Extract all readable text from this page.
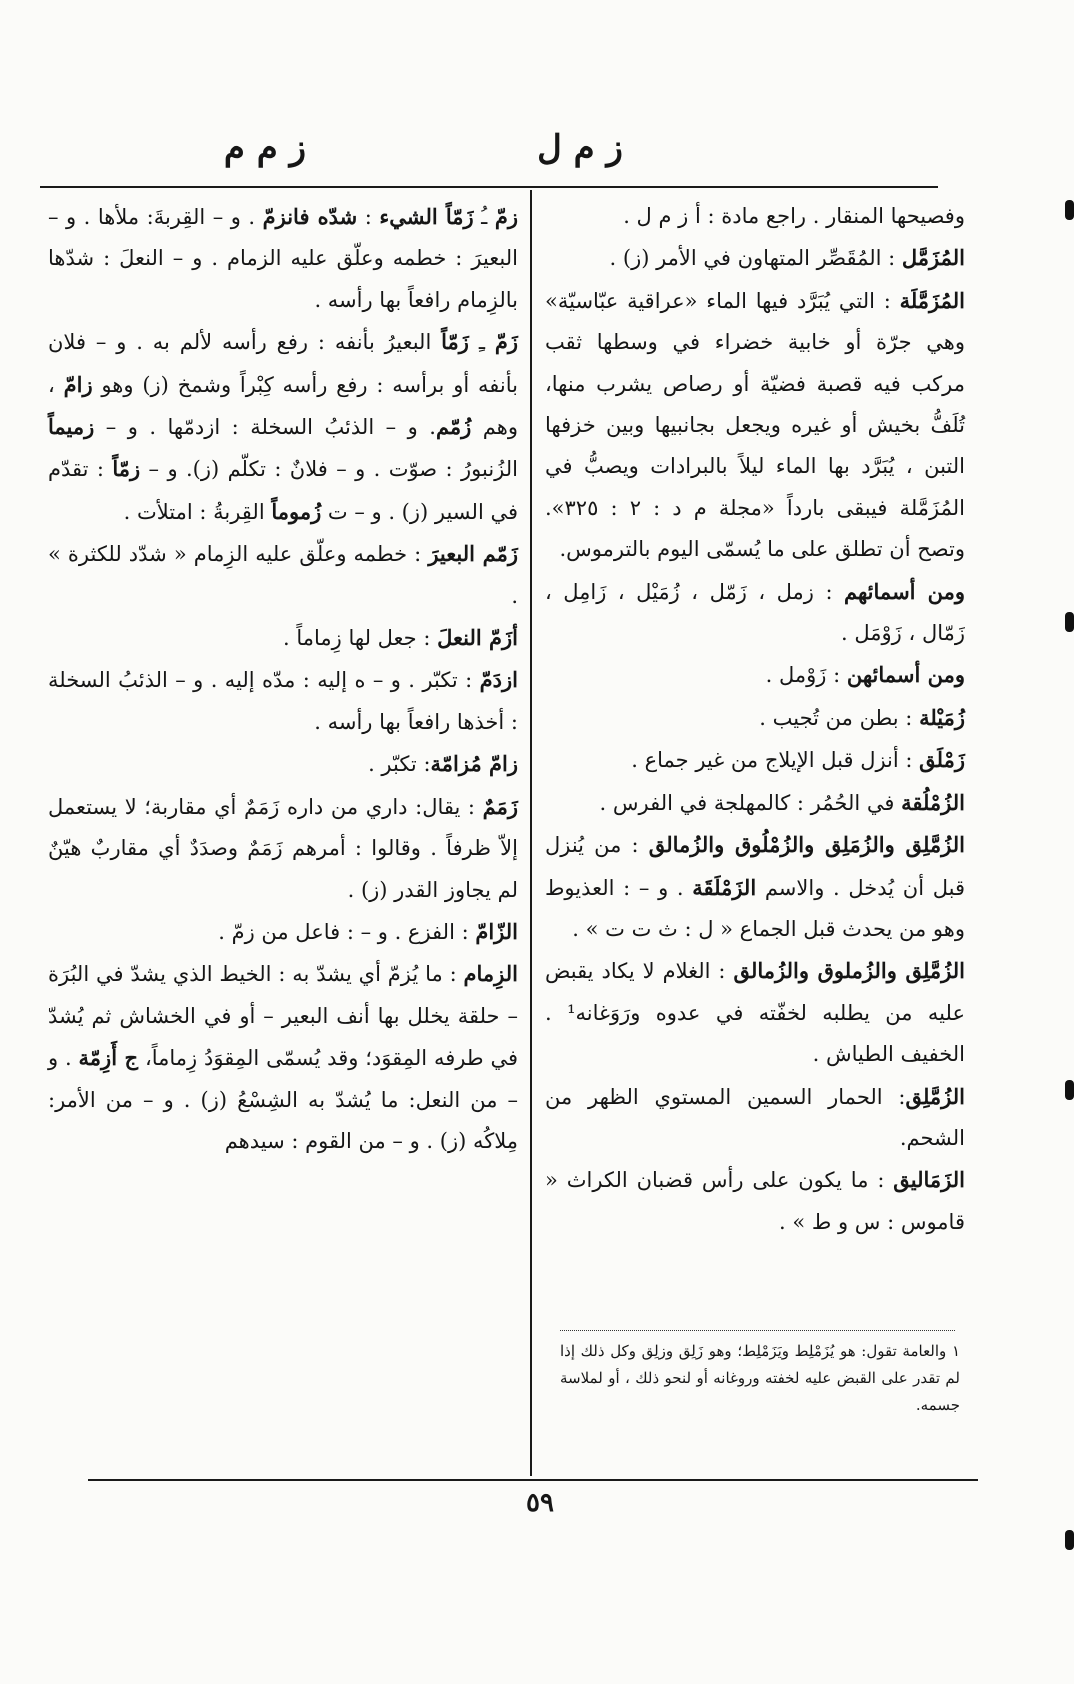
ز م ل
ز م م

وفصيحها المنقار . راجع مادة : أ ز م ل .

المُزَمَّل : المُقَصِّر المتهاون في الأمر (ز) .

المُزَمَّلَة : التي يُبَرَّد فيها الماء «عراقية عبّاسيّة» وهي جرّة أو خابية خضراء في وسطها ثقب مركب فيه قصبة فضيّة أو رصاص يشرب منها، تُلَفُّ بخيش أو غيره ويجعل بجانبيها وبين خزفها التبن ، يُبَرَّد بها الماء ليلاً بالبرادات ويصبُّ في المُزَمَّلة فيبقى بارداً «مجلة م د : ٢ : ٣٢٥». وتصح أن تطلق على ما يُسمّى اليوم بالترموس.

ومن أسمائهم : زمل ، زَمّل ، زُمَيْل ، زَامِل ، زَمّال ، زَوْمَل .

ومن أسمائهن : زَوْمل .

زُمَيْلة : بطن من تُجيب .

زَمْلَق : أنزل قبل الإيلاج من غير جماع .

الزُمْلُقة في الحُمُر : كالمهلجة في الفرس .

الزُمَّلِق والزُمَلِق والزُمْلُوق والزُمالق : من يُنزل قبل أن يُدخل . والاسم الزَمْلَقَة . و – : العذيوط وهو من يحدث قبل الجماع « ل : ث ت ت » .

الزُمَّلِق والزُملوق والزُمالق : الغلام لا يكاد يقبض عليه من يطلبه لخفّته في عدوه ورَوَغانه¹ . الخفيف الطياش .

الزُمَّلِق: الحمار السمين المستوي الظهر من الشحم.

الزَمَاليق : ما يكون على رأس قضبان الكراث « قاموس : س و ط » .

زمّ ـُ زَمّاً الشيء : شدّه فانزمّ . و – القِربةَ: ملأها . و – البعيرَ : خطمه وعلّق عليه الزمام . و – النعلَ : شدّها بالزِمام رافعاً بها رأسه .

زَمّ ـِ زَمّاً البعيرُ بأنفه : رفع رأسه لألم به . و – فلان بأنفه أو برأسه : رفع رأسه كِبْراً وشمخ (ز) وهو زامّ ، وهم زُمّم. و – الذئبُ السخلة : ازدمّها . و – زميماً الزُنبورُ : صوّت . و – فلانٌ : تكلّم (ز). و – زمّاً : تقدّم في السير (ز) . و – ت زُموماً القِربةُ : امتلأت .

زَمّم البعيرَ : خطمه وعلّق عليه الزِمام « شدّد للكثرة » .

أزَمّ النعلَ : جعل لها زِماماً .

ازدَمّ : تكبّر . و – ه إليه : مدّه إليه . و – الذئبُ السخلة : أخذها رافعاً بها رأسه .

زامّ مُزامّة: تكبّر .

زَمَمٌ : يقال: داري من داره زَمَمٌ أي مقاربة؛ لا يستعمل إلاّ ظرفاً . وقالوا : أمرهم زَمَمٌ وصدَدٌ أي مقاربٌ هيّنٌ لم يجاوز القدر (ز) .

الزّامّ : الفزع . و – : فاعل من زمّ .

الزِمام : ما يُزمّ أي يشدّ به : الخيط الذي يشدّ في البُرَة – حلقة يخلل بها أنف البعير – أو في الخشاش ثم يُشدّ في طرفه المِقوَد؛ وقد يُسمّى المِقوَدُ زِماماً، ج أَزِمّة . و – من النعل: ما يُشدّ به الشِسْعُ (ز) . و – من الأمر: مِلاكُه (ز) . و – من القوم : سيدهم

١ والعامة تقول: هو يُزَمْلِط ويَزَمْلِط؛ وهو زَلِق وزلِق وكل ذلك إذا لم تقدر على القبض عليه لخفته وروغانه أو لنحو ذلك ، أو لملاسة جسمه.

٥٩
